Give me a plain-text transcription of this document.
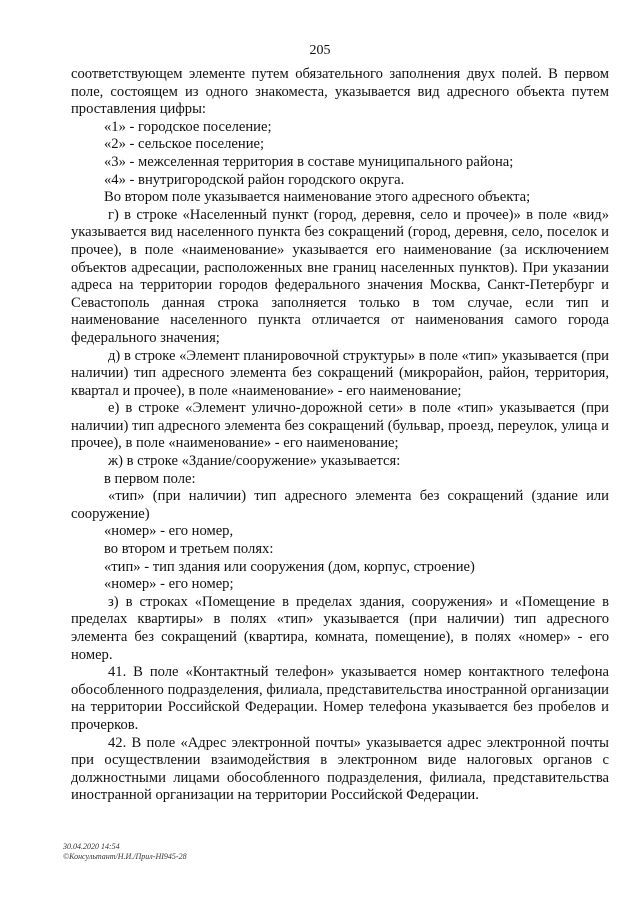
205

соответствующем элементе путем обязательного заполнения двух полей. В первом поле, состоящем из одного знакоместа, указывается вид адресного объекта путем проставления цифры:

«1» - городское поселение;

«2» - сельское поселение;

«3» - межселенная территория в составе муниципального района;

«4» - внутригородской район городского округа.

Во втором поле указывается наименование этого адресного объекта;

г) в строке «Населенный пункт (город, деревня, село и прочее)» в поле «вид» указывается вид населенного пункта без сокращений (город, деревня, село, поселок и прочее), в поле «наименование» указывается его наименование (за исключением объектов адресации, расположенных вне границ населенных пунктов). При указании адреса на территории городов федерального значения Москва, Санкт-Петербург и Севастополь данная строка заполняется только в том случае, если тип и наименование населенного пункта отличается от наименования самого города федерального значения;

д) в строке «Элемент планировочной структуры» в поле «тип» указывается (при наличии) тип адресного элемента без сокращений (микрорайон, район, территория, квартал и прочее), в поле «наименование» - его наименование;

е) в строке «Элемент улично-дорожной сети» в поле «тип» указывается (при наличии) тип адресного элемента без сокращений (бульвар, проезд, переулок, улица и прочее), в поле «наименование» - его наименование;

ж) в строке «Здание/сооружение» указывается:

в первом поле:

«тип» (при наличии) тип адресного элемента без сокращений (здание или сооружение)

«номер» - его номер,

во втором и третьем полях:

«тип» - тип здания или сооружения (дом, корпус, строение)

«номер» - его номер;

з) в строках «Помещение в пределах здания, сооружения» и «Помещение в пределах квартиры» в полях «тип» указывается (при наличии) тип адресного элемента без сокращений (квартира, комната, помещение), в полях «номер» - его номер.

41. В поле «Контактный телефон» указывается номер контактного телефона обособленного подразделения, филиала, представительства иностранной организации на территории Российской Федерации. Номер телефона указывается без пробелов и прочерков.

42. В поле «Адрес электронной почты» указывается адрес электронной почты при осуществлении взаимодействия в электронном виде налоговых органов с должностными лицами обособленного подразделения, филиала, представительства иностранной организации на территории Российской Федерации.

30.04.2020 14:54
©Консультант/Н.И./Прил-НI945-28
